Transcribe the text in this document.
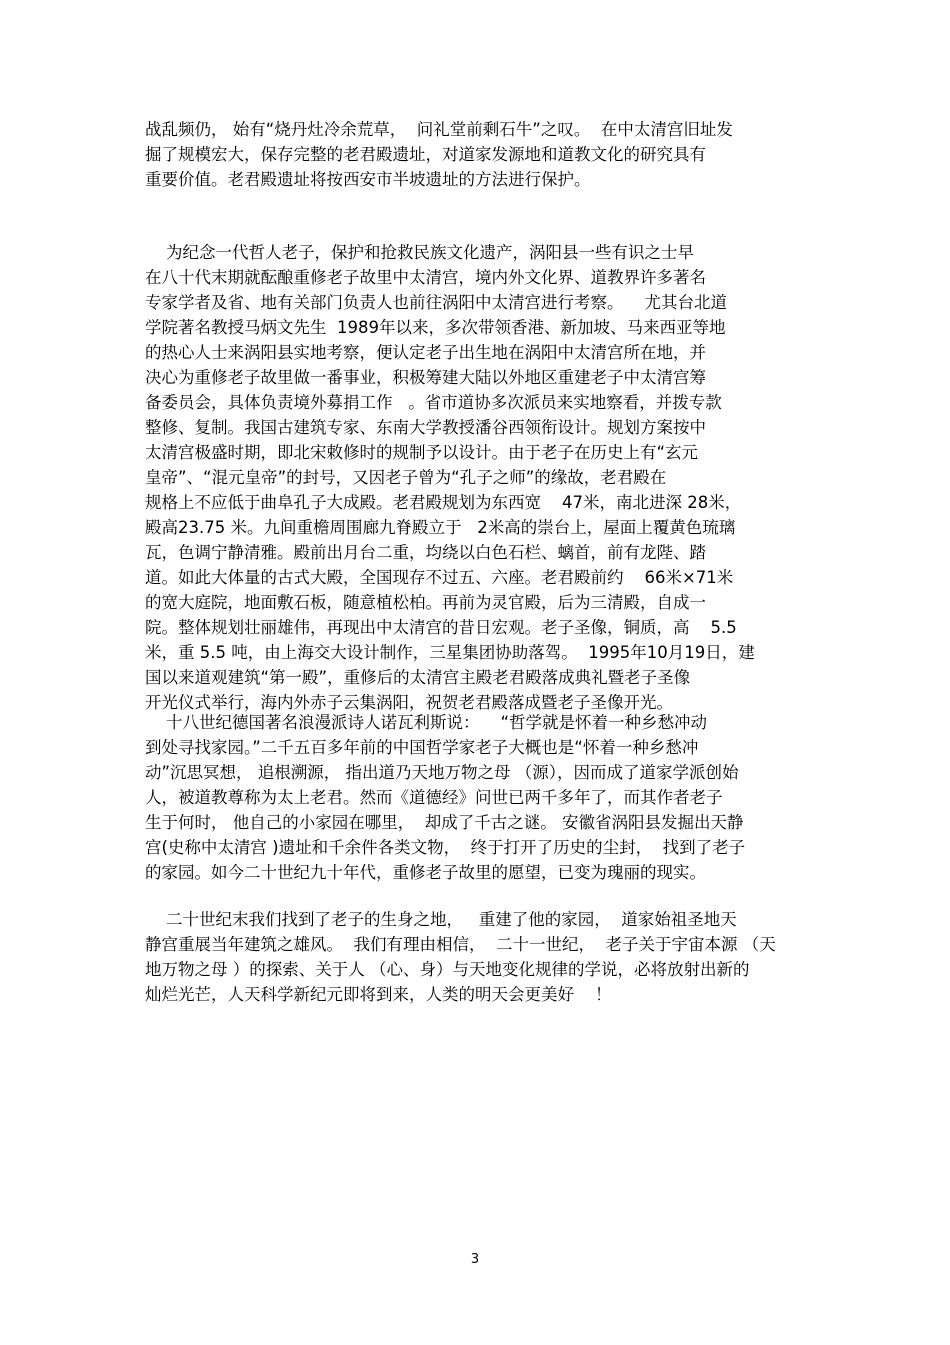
战乱频仍， 始有“烧丹灶冷余荒草，  问礼堂前剩石牛”之叹。  在中太清宫旧址发
掘了规模宏大，保存完整的老君殿遗址，对道家发源地和道教文化的研究具有
重要价值。老君殿遗址将按西安市半坡遗址的方法进行保护。
为纪念一代哲人老子，保护和抢救民族文化遗产，涡阳县一些有识之士早
在八十代末期就酝酿重修老子故里中太清宫，境内外文化界、道教界许多著名
专家学者及省、地有关部门负责人也前往涡阳中太清宫进行考察。    尤其台北道
学院著名教授马炳文先生  1989年以来，多次带领香港、新加坡、马来西亚等地
的热心人士来涡阳县实地考察，便认定老子出生地在涡阳中太清宫所在地，并
决心为重修老子故里做一番事业，积极筹建大陆以外地区重建老子中太清宫筹
备委员会，具体负责境外募捐工作   。省市道协多次派员来实地察看，并拨专款
整修、复制。我国古建筑专家、东南大学教授潘谷西领衔设计。规划方案按中
太清宫极盛时期，即北宋敕修时的规制予以设计。由于老子在历史上有“玄元
皇帝”、“混元皇帝”的封号，又因老子曾为“孔子之师”的缘故，老君殿在
规格上不应低于曲阜孔子大成殿。老君殿规划为东西宽    47米，南北进深 28米，
殿高23.75 米。九间重檐周围廊九脊殿立于   2米高的崇台上，屋面上覆黄色琉璃
瓦，色调宁静清雅。殿前出月台二重，均绕以白色石栏、螭首，前有龙陛、踏
道。如此大体量的古式大殿，全国现存不过五、六座。老君殿前约    66米×71米
的宽大庭院，地面敷石板，随意植松柏。再前为灵官殿，后为三清殿，自成一
院。整体规划壮丽雄伟，再现出中太清宫的昔日宏观。老子圣像，铜质，高    5.5
米，重 5.5 吨，由上海交大设计制作，三星集团协助落驾。  1995年10月19日，建
国以来道观建筑“第一殿”，重修后的太清宫主殿老君殿落成典礼暨老子圣像
开光仪式举行，海内外赤子云集涡阳，祝贺老君殿落成暨老子圣像开光。
十八世纪德国著名浪漫派诗人诺瓦利斯说：    “哲学就是怀着一种乡愁冲动
到处寻找家园。”二千五百多年前的中国哲学家老子大概也是“怀着一种乡愁冲
动”沉思冥想， 追根溯源， 指出道乃天地万物之母 （源），因而成了道家学派创始
人，被道教尊称为太上老君。然而《道德经》问世已两千多年了，而其作者老子
生于何时， 他自己的小家园在哪里，  却成了千古之谜。 安徽省涡阳县发掘出天静
宫(史称中太清宫 )遗址和千余件各类文物，  终于打开了历史的尘封，  找到了老子
的家园。如今二十世纪九十年代，重修老子故里的愿望，已变为瑰丽的现实。
二十世纪末我们找到了老子的生身之地，   重建了他的家园，  道家始祖圣地天
静宫重展当年建筑之雄风。  我们有理由相信，  二十一世纪，  老子关于宇宙本源 （天
地万物之母 ）的探索、关于人 （心、身）与天地变化规律的学说，必将放射出新的
灿烂光芒，人天科学新纪元即将到来，人类的明天会更美好    ！
3
